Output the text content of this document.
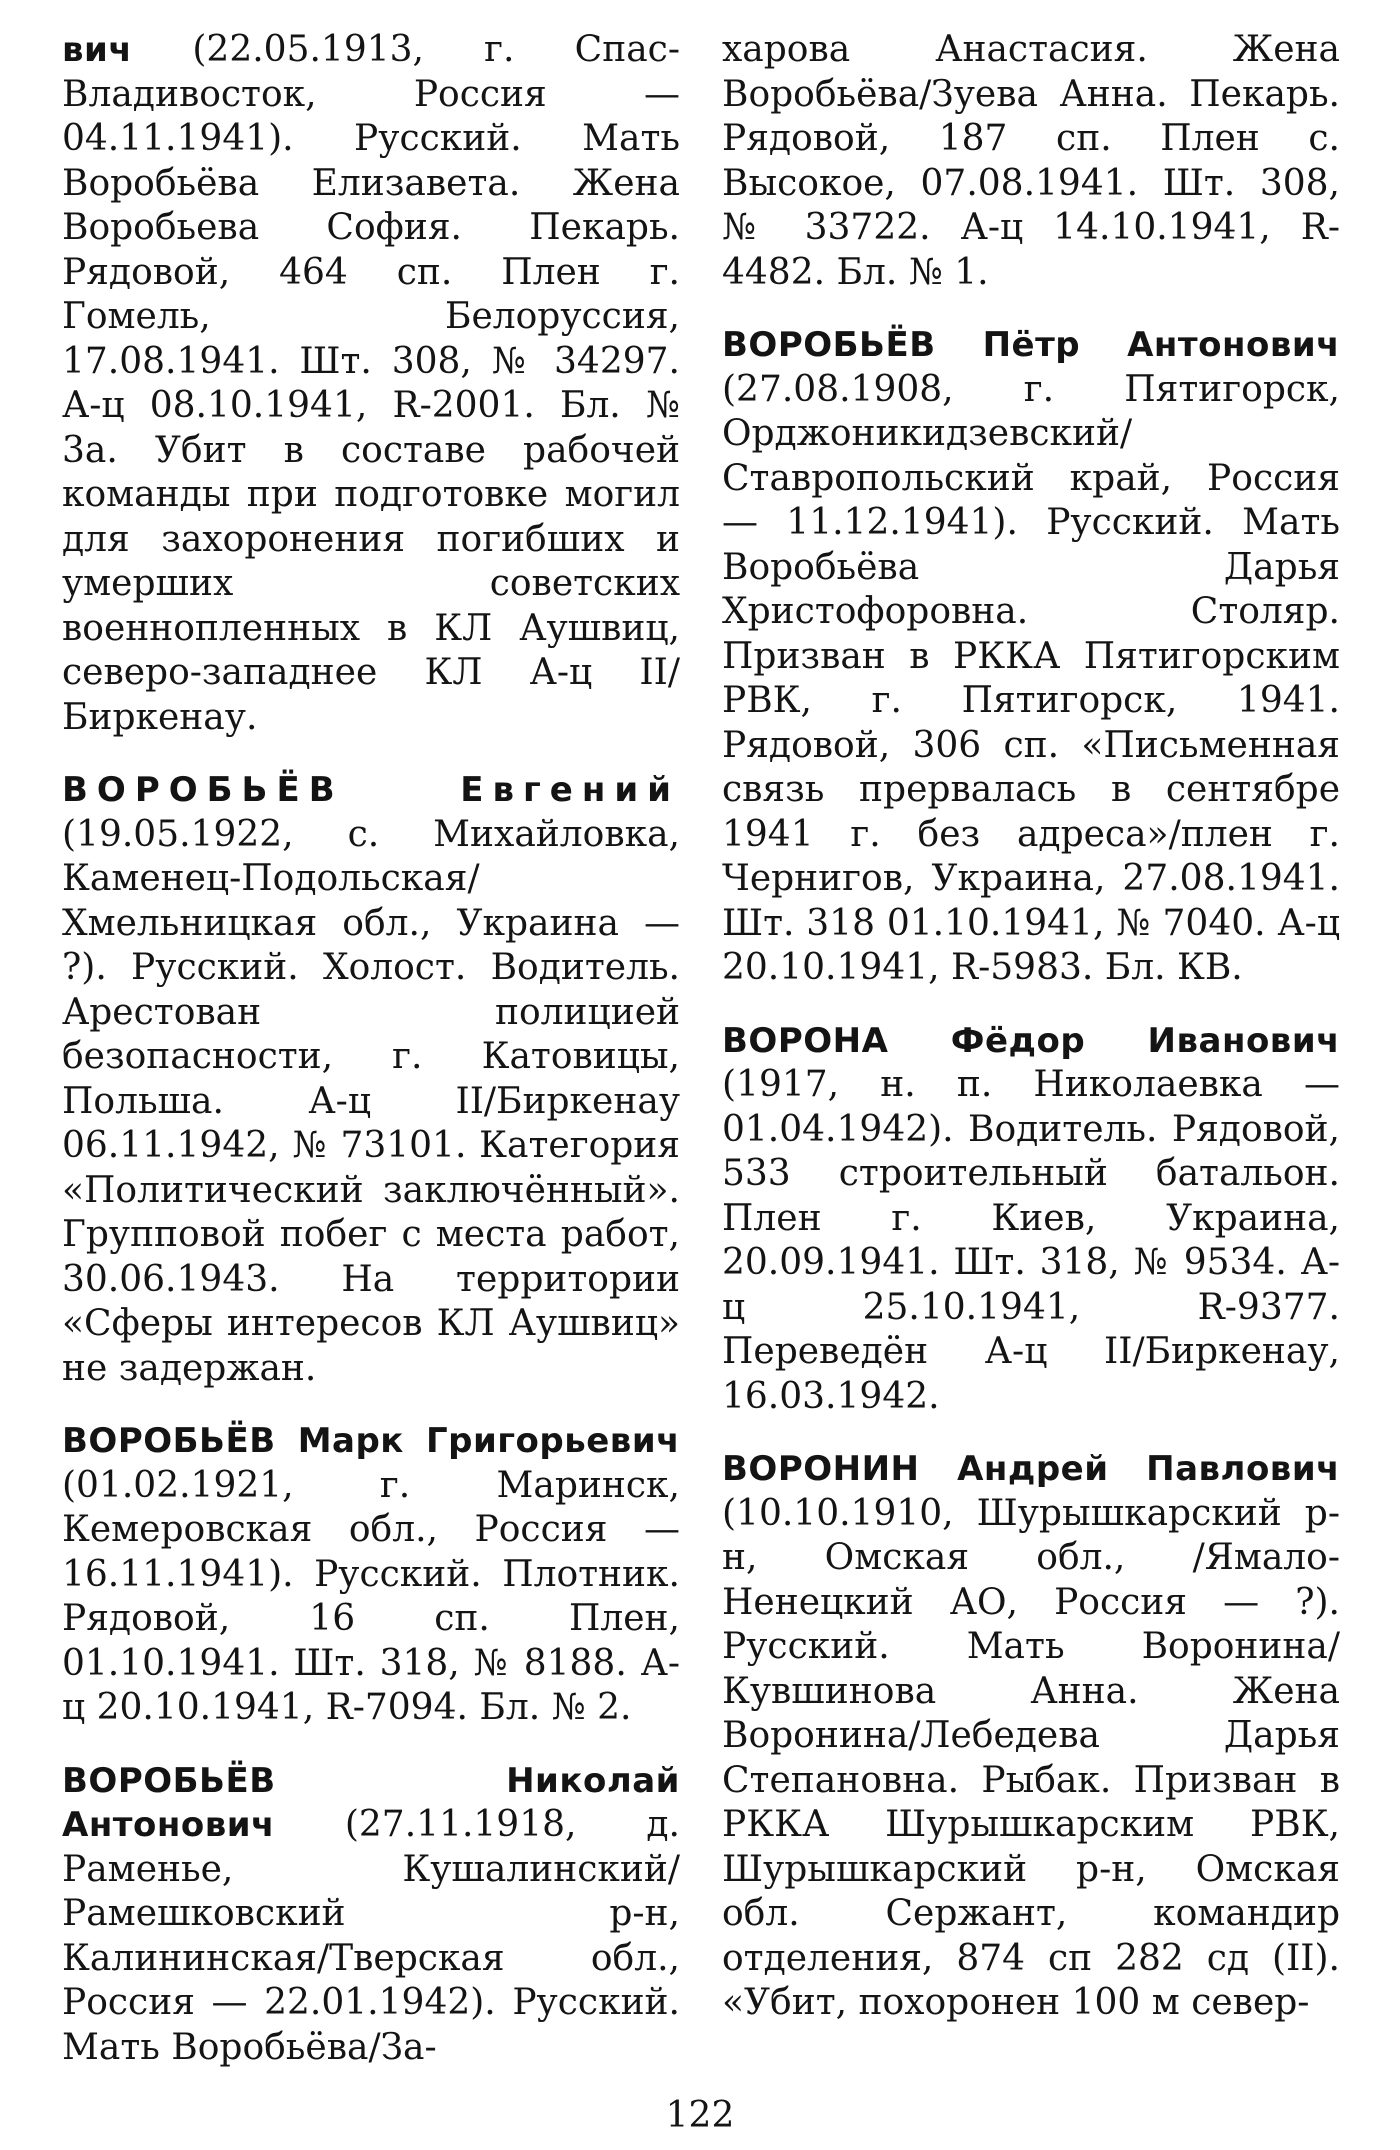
вич (22.05.1913, г. Спас-Владивосток, Россия — 04.11.1941). Русский. Мать Воробьёва Елизавета. Жена Воробьева София. Пекарь. Рядовой, 464 сп. Плен г. Гомель, Белоруссия, 17.08.1941. Шт. 308, № 34297. А-ц 08.10.1941, R-2001. Бл. № 3а. Убит в составе рабочей команды при подготовке могил для захоронения погибших и умерших советских военнопленных в КЛ Аушвиц, северо-западнее КЛ А-ц II/Биркенау.

ВОРОБЬЁВ Евгений (19.05.1922, с. Михайловка, Каменец-Подольская/Хмельницкая обл., Украина — ?). Русский. Холост. Водитель. Арестован полицией безопасности, г. Катовицы, Польша. А-ц II/Биркенау 06.11.1942, № 73101. Категория «Политический заключённый». Групповой побег с места работ, 30.06.1943. На территории «Сферы интересов КЛ Аушвиц» не задержан.

ВОРОБЬЁВ Марк Григорьевич (01.02.1921, г. Маринск, Кемеровская обл., Россия — 16.11.1941). Русский. Плотник. Рядовой, 16 сп. Плен, 01.10.1941. Шт. 318, № 8188. А-ц 20.10.1941, R-7094. Бл. № 2.

ВОРОБЬЁВ Николай Антонович (27.11.1918, д. Раменье, Кушалинский/Рамешковский р-н, Калининская/Тверская обл., Россия — 22.01.1942). Русский. Мать Воробьёва/За-

харова Анастасия. Жена Воробьёва/Зуева Анна. Пекарь. Рядовой, 187 сп. Плен с. Высокое, 07.08.1941. Шт. 308, № 33722. А-ц 14.10.1941, R-4482. Бл. № 1.

ВОРОБЬЁВ Пётр Антонович (27.08.1908, г. Пятигорск, Орджоникидзевский/Ставропольский край, Россия — 11.12.1941). Русский. Мать Воробьёва Дарья Христофоровна. Столяр. Призван в РККА Пятигорским РВК, г. Пятигорск, 1941. Рядовой, 306 сп. «Письменная связь прервалась в сентябре 1941 г. без адреса»/плен г. Чернигов, Украина, 27.08.1941. Шт. 318 01.10.1941, № 7040. А-ц 20.10.1941, R-5983. Бл. КВ.

ВОРОНА Фёдор Иванович (1917, н. п. Николаевка — 01.04.1942). Водитель. Рядовой, 533 строительный батальон. Плен г. Киев, Украина, 20.09.1941. Шт. 318, № 9534. А-ц 25.10.1941, R-9377. Переведён А-ц II/Биркенау, 16.03.1942.

ВОРОНИН Андрей Павлович (10.10.1910, Шурышкарский р-н, Омская обл., /Ямало-Ненецкий АО, Россия — ?). Русский. Мать Воронина/Кувшинова Анна. Жена Воронина/Лебедева Дарья Степановна. Рыбак. Призван в РККА Шурышкарским РВК, Шурышкарский р-н, Омская обл. Сержант, командир отделения, 874 сп 282 сд (II). «Убит, похоронен 100 м север-

122
